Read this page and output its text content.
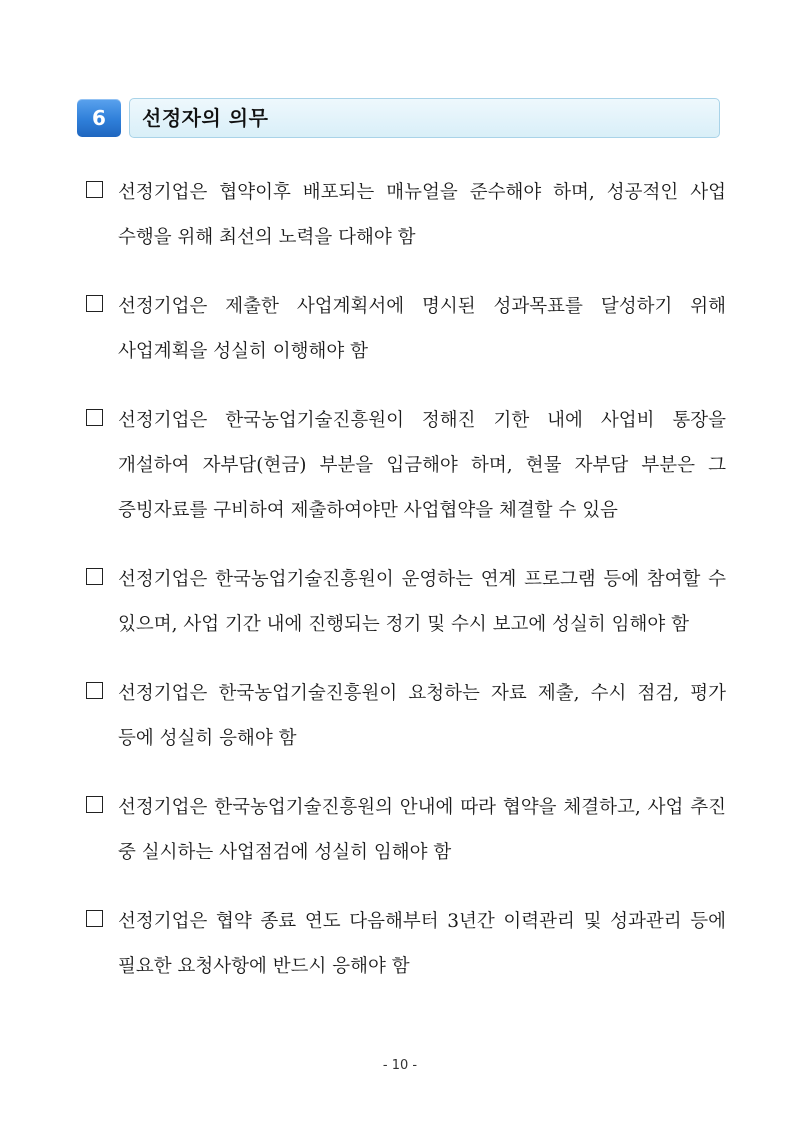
6	선정자의 의무
선정기업은 협약이후 배포되는 매뉴얼을 준수해야 하며, 성공적인 사업 수행을 위해 최선의 노력을 다해야 함
선정기업은 제출한 사업계획서에 명시된 성과목표를 달성하기 위해 사업계획을 성실히 이행해야 함
선정기업은 한국농업기술진흥원이 정해진 기한 내에 사업비 통장을 개설하여 자부담(현금) 부분을 입금해야 하며, 현물 자부담 부분은 그 증빙자료를 구비하여 제출하여야만 사업협약을 체결할 수 있음
선정기업은 한국농업기술진흥원이 운영하는 연계 프로그램 등에 참여할 수 있으며, 사업 기간 내에 진행되는 정기 및 수시 보고에 성실히 임해야 함
선정기업은 한국농업기술진흥원이 요청하는 자료 제출, 수시 점검, 평가 등에 성실히 응해야 함
선정기업은 한국농업기술진흥원의 안내에 따라 협약을 체결하고, 사업 추진 중 실시하는 사업점검에 성실히 임해야 함
선정기업은 협약 종료 연도 다음해부터 3년간 이력관리 및 성과관리 등에 필요한 요청사항에 반드시 응해야 함
- 10 -
